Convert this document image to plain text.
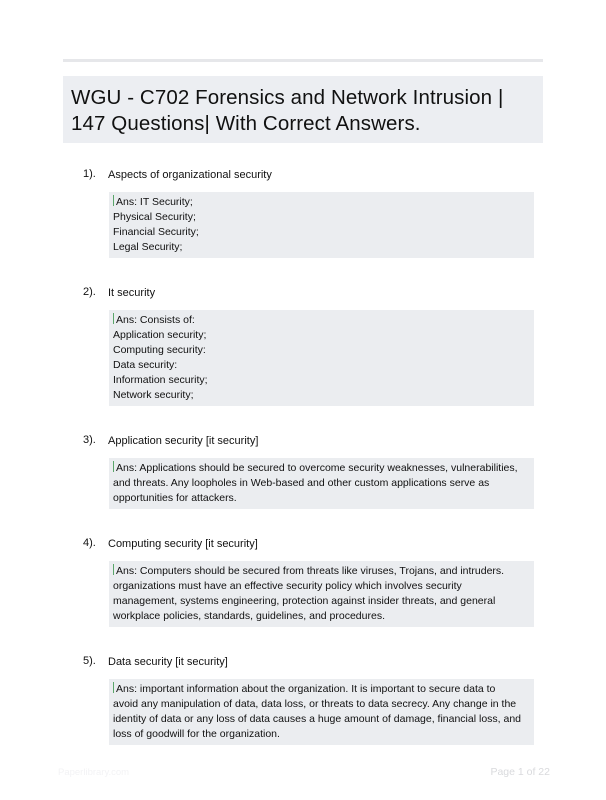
WGU - C702 Forensics and Network Intrusion | 147 Questions| With Correct Answers.
1). Aspects of organizational security
Ans: IT Security;
Physical Security;
Financial Security;
Legal Security;
2). It security
Ans: Consists of:
Application security;
Computing security:
Data security:
Information security;
Network security;
3). Application security [it security]
Ans: Applications should be secured to overcome security weaknesses, vulnerabilities,
and threats. Any loopholes in Web-based and other custom applications serve as
opportunities for attackers.
4). Computing security [it security]
Ans: Computers should be secured from threats like viruses, Trojans, and intruders.
organizations must have an effective security policy which involves security
management, systems engineering, protection against insider threats, and general
workplace policies, standards, guidelines, and procedures.
5). Data security [it security]
Ans: important information about the organization. It is important to secure data to
avoid any manipulation of data, data loss, or threats to data secrecy. Any change in the
identity of data or any loss of data causes a huge amount of damage, financial loss, and
loss of goodwill for the organization.
Paperlibrary.com	Page 1 of 22
